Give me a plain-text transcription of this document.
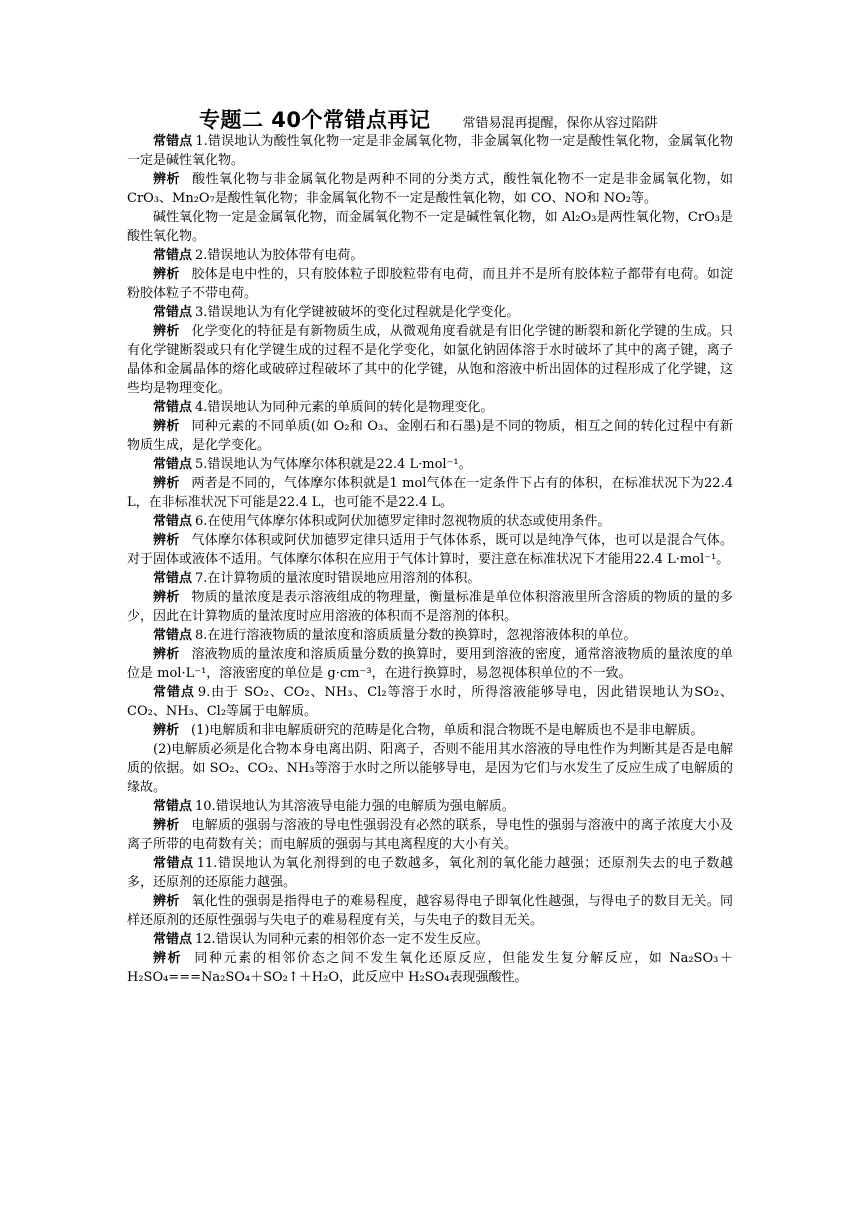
专题二 40个常错点再记 常错易混再提醒，保你从容过陷阱

常错点 1.错误地认为酸性氧化物一定是非金属氧化物，非金属氧化物一定是酸性氧化物，金属氧化物一定是碱性氧化物。

辨析 酸性氧化物与非金属氧化物是两种不同的分类方式，酸性氧化物不一定是非金属氧化物，如 CrO₃、Mn₂O₇是酸性氧化物；非金属氧化物不一定是酸性氧化物，如 CO、NO和 NO₂等。

碱性氧化物一定是金属氧化物，而金属氧化物不一定是碱性氧化物，如 Al₂O₃是两性氧化物，CrO₃是酸性氧化物。

常错点 2.错误地认为胶体带有电荷。

辨析 胶体是电中性的，只有胶体粒子即胶粒带有电荷，而且并不是所有胶体粒子都带有电荷。如淀粉胶体粒子不带电荷。

常错点 3.错误地认为有化学键被破坏的变化过程就是化学变化。

辨析 化学变化的特征是有新物质生成，从微观角度看就是有旧化学键的断裂和新化学键的生成。只有化学键断裂或只有化学键生成的过程不是化学变化，如氯化钠固体溶于水时破坏了其中的离子键，离子晶体和金属晶体的熔化或破碎过程破坏了其中的化学键，从饱和溶液中析出固体的过程形成了化学键，这些均是物理变化。

常错点 4.错误地认为同种元素的单质间的转化是物理变化。

辨析 同种元素的不同单质(如 O₂和 O₃、金刚石和石墨)是不同的物质，相互之间的转化过程中有新物质生成，是化学变化。

常错点 5.错误地认为气体摩尔体积就是22.4 L·mol⁻¹。

辨析 两者是不同的，气体摩尔体积就是1 mol气体在一定条件下占有的体积，在标准状况下为22.4 L，在非标准状况下可能是22.4 L，也可能不是22.4 L。

常错点 6.在使用气体摩尔体积或阿伏加德罗定律时忽视物质的状态或使用条件。

辨析 气体摩尔体积或阿伏加德罗定律只适用于气体体系，既可以是纯净气体，也可以是混合气体。对于固体或液体不适用。气体摩尔体积在应用于气体计算时，要注意在标准状况下才能用22.4 L·mol⁻¹。

常错点 7.在计算物质的量浓度时错误地应用溶剂的体积。

辨析 物质的量浓度是表示溶液组成的物理量，衡量标准是单位体积溶液里所含溶质的物质的量的多少，因此在计算物质的量浓度时应用溶液的体积而不是溶剂的体积。

常错点 8.在进行溶液物质的量浓度和溶质质量分数的换算时，忽视溶液体积的单位。

辨析 溶液物质的量浓度和溶质质量分数的换算时，要用到溶液的密度，通常溶液物质的量浓度的单位是 mol·L⁻¹，溶液密度的单位是 g·cm⁻³，在进行换算时，易忽视体积单位的不一致。

常错点 9.由于 SO₂、CO₂、NH₃、Cl₂等溶于水时，所得溶液能够导电，因此错误地认为SO₂、CO₂、NH₃、Cl₂等属于电解质。

辨析 (1)电解质和非电解质研究的范畴是化合物，单质和混合物既不是电解质也不是非电解质。

(2)电解质必须是化合物本身电离出阴、阳离子，否则不能用其水溶液的导电性作为判断其是否是电解质的依据。如 SO₂、CO₂、NH₃等溶于水时之所以能够导电，是因为它们与水发生了反应生成了电解质的缘故。

常错点 10.错误地认为其溶液导电能力强的电解质为强电解质。

辨析 电解质的强弱与溶液的导电性强弱没有必然的联系，导电性的强弱与溶液中的离子浓度大小及离子所带的电荷数有关；而电解质的强弱与其电离程度的大小有关。

常错点 11.错误地认为氧化剂得到的电子数越多，氧化剂的氧化能力越强；还原剂失去的电子数越多，还原剂的还原能力越强。

辨析 氧化性的强弱是指得电子的难易程度，越容易得电子即氧化性越强，与得电子的数目无关。同样还原剂的还原性强弱与失电子的难易程度有关，与失电子的数目无关。

常错点 12.错误认为同种元素的相邻价态一定不发生反应。

辨析 同种元素的相邻价态之间不发生氧化还原反应，但能发生复分解反应，如 Na₂SO₃＋H₂SO₄===Na₂SO₄＋SO₂↑＋H₂O，此反应中 H₂SO₄表现强酸性。
